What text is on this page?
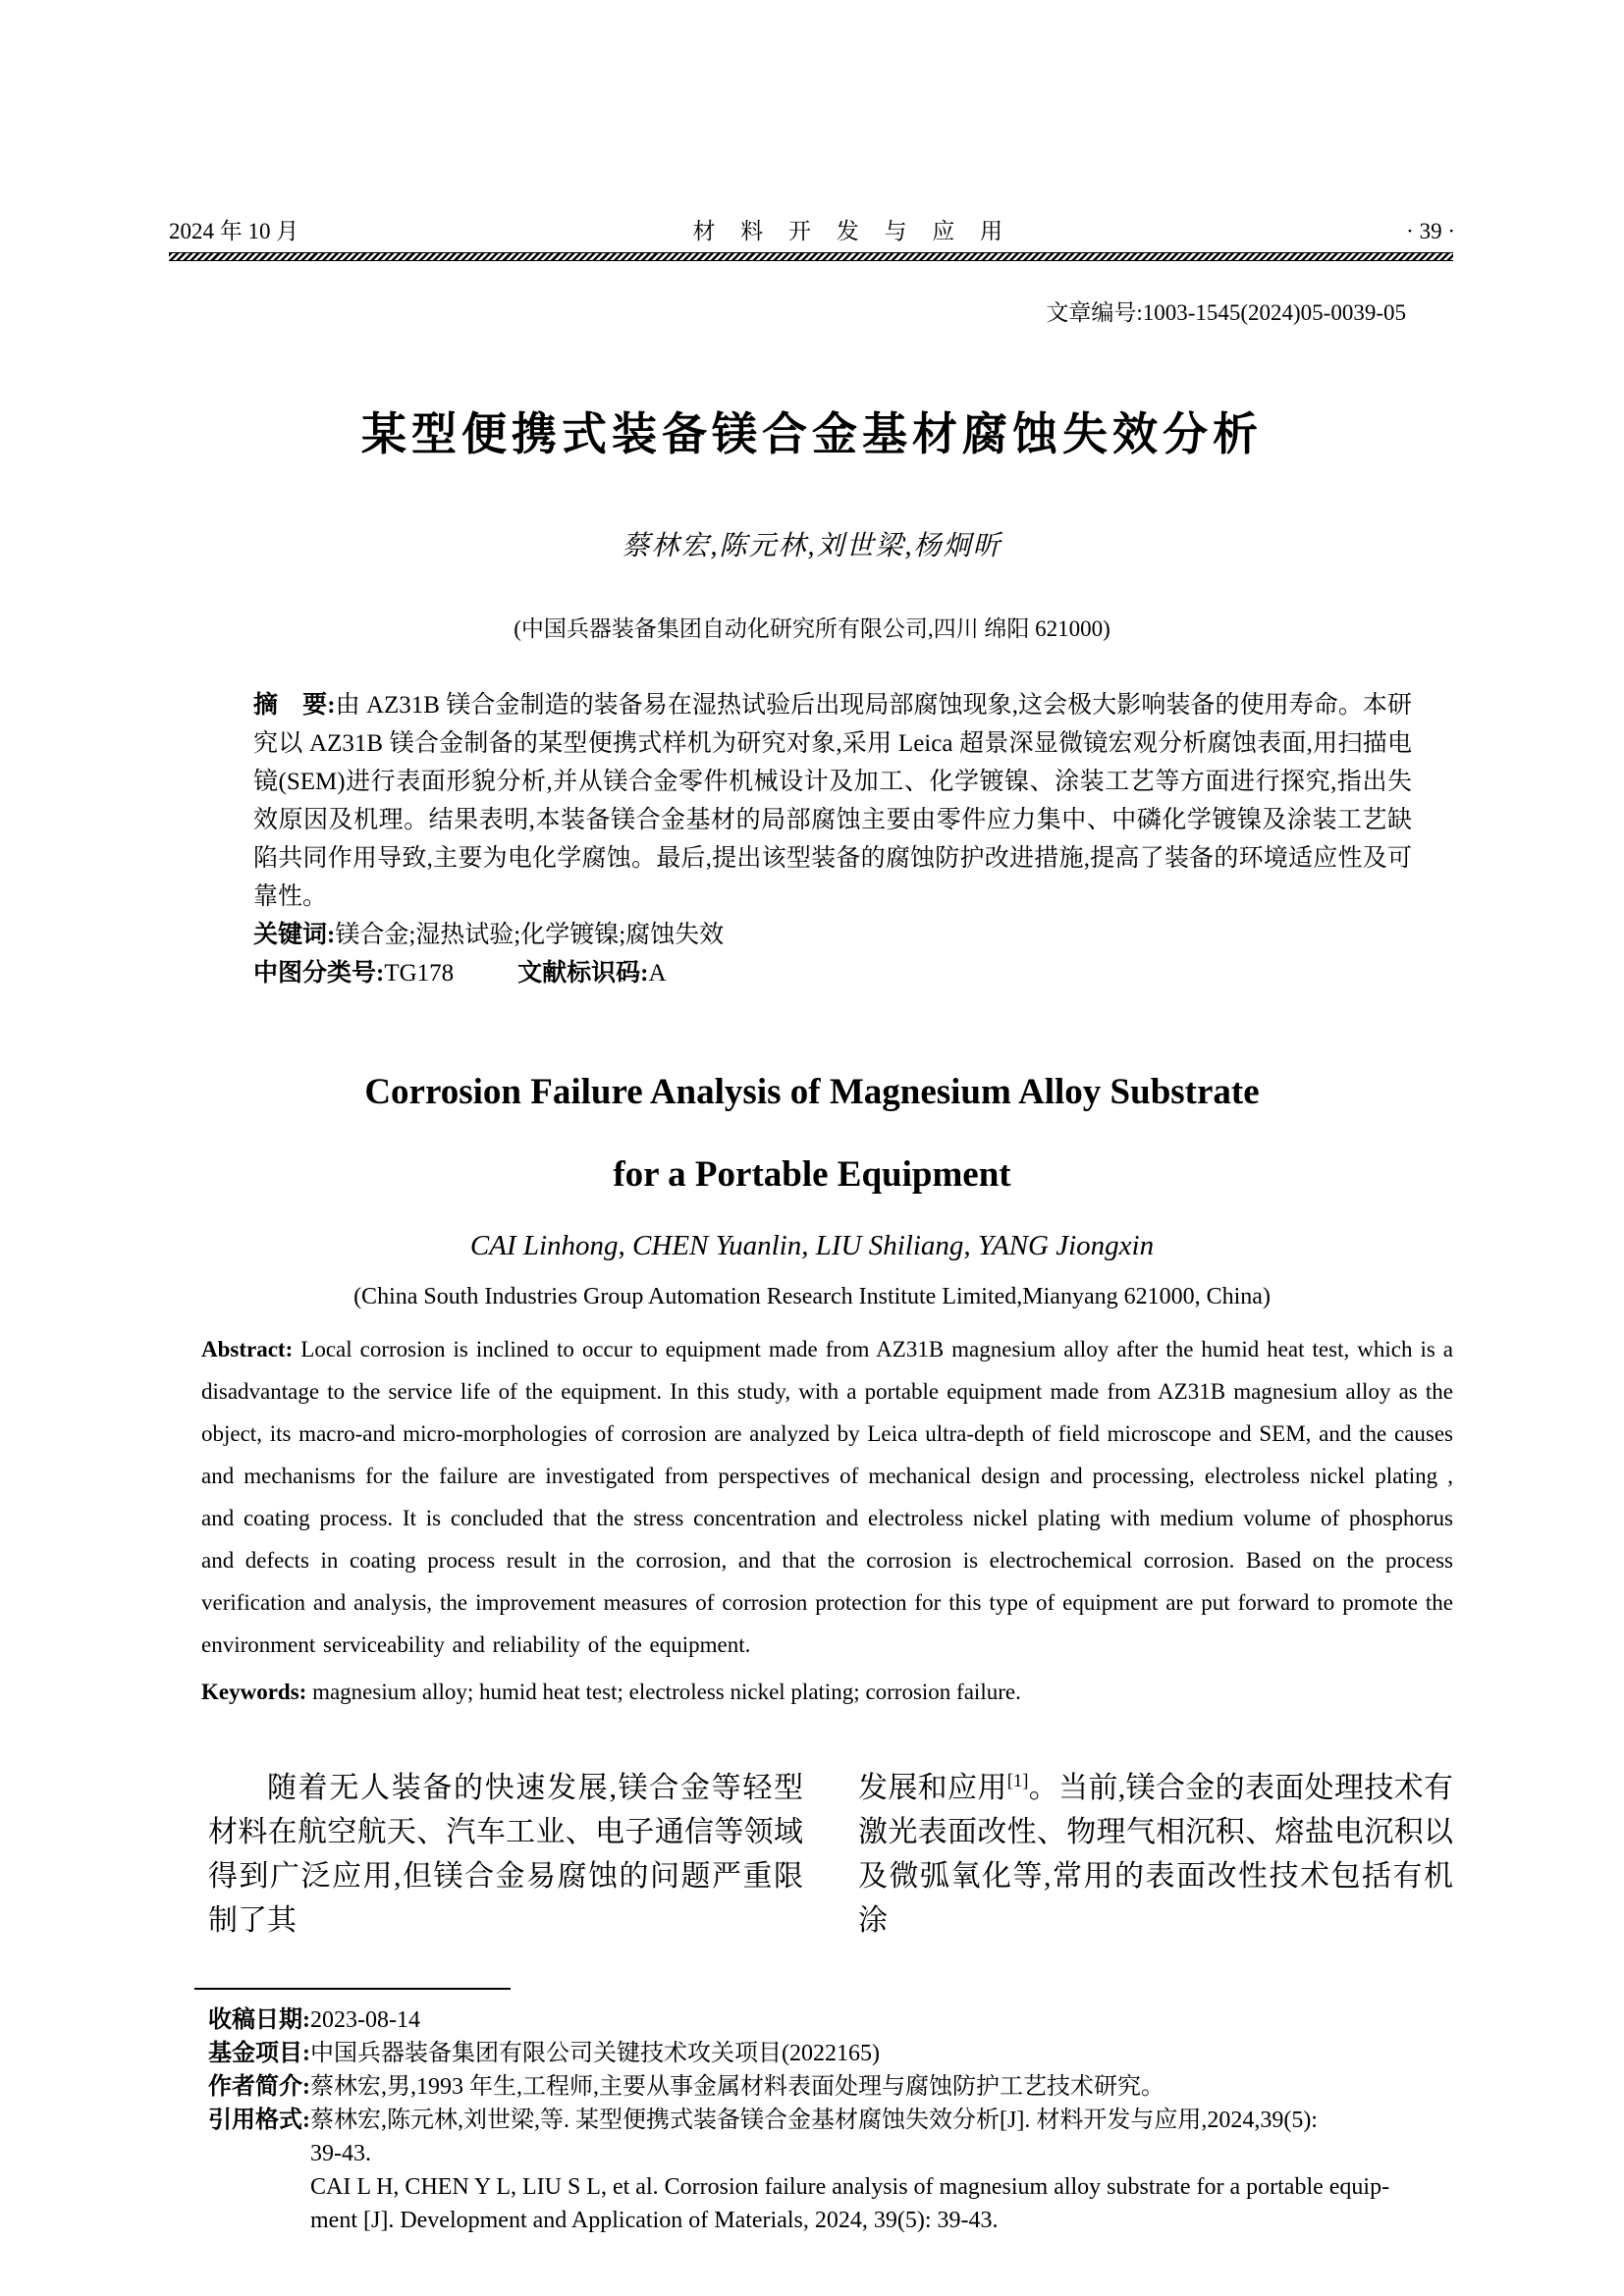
2024 年 10 月	材 料 开 发 与 应 用	· 39 ·
文章编号:1003-1545(2024)05-0039-05
某型便携式装备镁合金基材腐蚀失效分析
蔡林宏,陈元林,刘世梁,杨炯昕
(中国兵器装备集团自动化研究所有限公司,四川 绵阳 621000)

摘　要:由 AZ31B 镁合金制造的装备易在湿热试验后出现局部腐蚀现象,这会极大影响装备的使用寿命。本研究以 AZ31B 镁合金制备的某型便携式样机为研究对象,采用 Leica 超景深显微镜宏观分析腐蚀表面,用扫描电镜(SEM)进行表面形貌分析,并从镁合金零件机械设计及加工、化学镀镍、涂装工艺等方面进行探究,指出失效原因及机理。结果表明,本装备镁合金基材的局部腐蚀主要由零件应力集中、中磷化学镀镍及涂装工艺缺陷共同作用导致,主要为电化学腐蚀。最后,提出该型装备的腐蚀防护改进措施,提高了装备的环境适应性及可靠性。

关键词:镁合金;湿热试验;化学镀镍;腐蚀失效

中图分类号:TG178	文献标识码:A

Corrosion Failure Analysis of Magnesium Alloy Substrate
for a Portable Equipment
CAI Linhong, CHEN Yuanlin, LIU Shiliang, YANG Jiongxin
(China South Industries Group Automation Research Institute Limited,Mianyang 621000, China)

Abstract: Local corrosion is inclined to occur to equipment made from AZ31B magnesium alloy after the humid heat test, which is a disadvantage to the service life of the equipment. In this study, with a portable equipment made from AZ31B magnesium alloy as the object, its macro-and micro-morphologies of corrosion are analyzed by Leica ultra-depth of field microscope and SEM, and the causes and mechanisms for the failure are investigated from perspectives of mechanical design and processing, electroless nickel plating , and coating process. It is concluded that the stress concentration and electroless nickel plating with medium volume of phosphorus and defects in coating process result in the corrosion, and that the corrosion is electrochemical corrosion. Based on the process verification and analysis, the improvement measures of corrosion protection for this type of equipment are put forward to promote the environment serviceability and reliability of the equipment.

Keywords: magnesium alloy; humid heat test; electroless nickel plating; corrosion failure.

随着无人装备的快速发展,镁合金等轻型材料在航空航天、汽车工业、电子通信等领域得到广泛应用,但镁合金易腐蚀的问题严重限制了其

发展和应用[1]。当前,镁合金的表面处理技术有激光表面改性、物理气相沉积、熔盐电沉积以及微弧氧化等,常用的表面改性技术包括有机涂

收稿日期: 2023-08-14
基金项目: 中国兵器装备集团有限公司关键技术攻关项目(2022165)
作者简介: 蔡林宏,男,1993 年生,工程师,主要从事金属材料表面处理与腐蚀防护工艺技术研究。
引用格式: 蔡林宏,陈元林,刘世梁,等. 某型便携式装备镁合金基材腐蚀失效分析[J]. 材料开发与应用,2024,39(5):
39-43.
CAI L H, CHEN Y L, LIU S L, et al. Corrosion failure analysis of magnesium alloy substrate for a portable equip-
ment [J]. Development and Application of Materials, 2024, 39(5): 39-43.
